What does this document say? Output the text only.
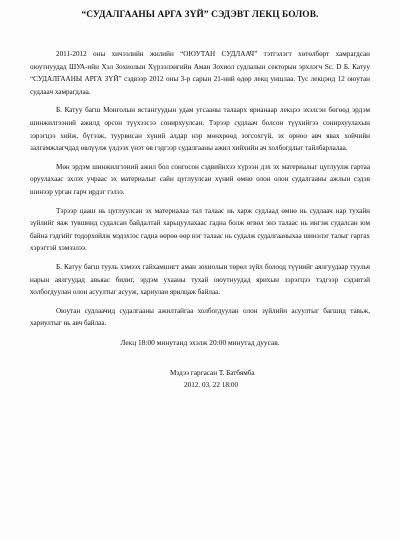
“СУДАЛГААНЫ АРГА ЗҮЙ” СЭДЭВТ ЛЕКЦ БОЛОВ.

2011-2012 оны хичээлийн жилийн “ОЮУТАН СУДЛААЧ” тэтгэлэгт хөтөлбөрт хамрагдсан оюутнуудад ШУА-ийн Хэл Зохиолын Хүрээлэнгийн Аман Зохиол судлалын секторын эрхлэгч Sc. D Б. Катуу “СУДАЛГААНЫ АРГА ЗҮЙ” сэдвээр 2012 оны 3-р сарын 21-ний өдөр лекц уншлаа. Тус лекцэнд 12 оюутан судлаач хамрагдлаа.

Б. Катуу багш Монголын ястангуудын удам угсааны талаарх ярианаар лекцээ эхэлсэн бөгөөд эрдэм шинжилгээний ажилд орсон түүхээсээ сонирхуулсан. Тэрээр судлаач болсон түүхийгээ сонирхуулахын зэрэгцээ хийж, бүтээж, туурвисан хүний алдар нэр мөнхрөөд зогсохгүй, эх орноо авч явах хойчийн залгамжлагчдад өвлүүлж үлдээх үнэт өв гэдгээр судалгааны ажил хийхийн ач холбогдлыг тайлбарлалаа.

Мөн эрдэм шинжилгээний ажил бол сонгосон сэдвийнхээ хүрээн дэх эх материалыг цуглуулж гартаа оруулахаас эхлэх учраас эх материалыг сайн цуглуулсан хүний өмнө олон олон судалгааны ажлын сэдэв шинээр урган гарч ирдэг гэлээ.

Тэрээр цааш нь цуглуулсан эх материалаа тал талаас нь харж судлаад өмнө нь судлаач нар тухайн зүйлийг яаж тувшинд судалсан байдалтай харьцуулахаас гадна болж өгвөл энэ талаас нь ингэж судалсан юм байна гэдгийг тодорхойлж мэдэхээс гадна өөрөө өөр нэг талаас нь судалж судалгааныхаа шинэлэг талыг гаргах хэрэгтэй хэмээлээ.

Б. Катуу багш тууль хэмээх гайхамшигт аман зохиолын төрөл зүйл болоод түүнийг аялгуудаар туульч нарын аялгуудад авьяас билиг, эрдэм ухааны тухай оюутнуудад ярихын зэрэгцээ тэдгээр сэдэвтэй холбогдуулан олон асуултыг асууж, хариулан ярилцаж байлаа.

Оюутан судлаачид судалгааны ажилтайгаа холбогдуулан олон зүйлийн асуултыг багшид тавьж, хариултыг нь авч байлаа.

Лекц 18:00 минутанд эхэлж 20:00 минутад дуусав.
Мэдээ гаргасан Т. Батбямба
2012. 03. 22 18:00
